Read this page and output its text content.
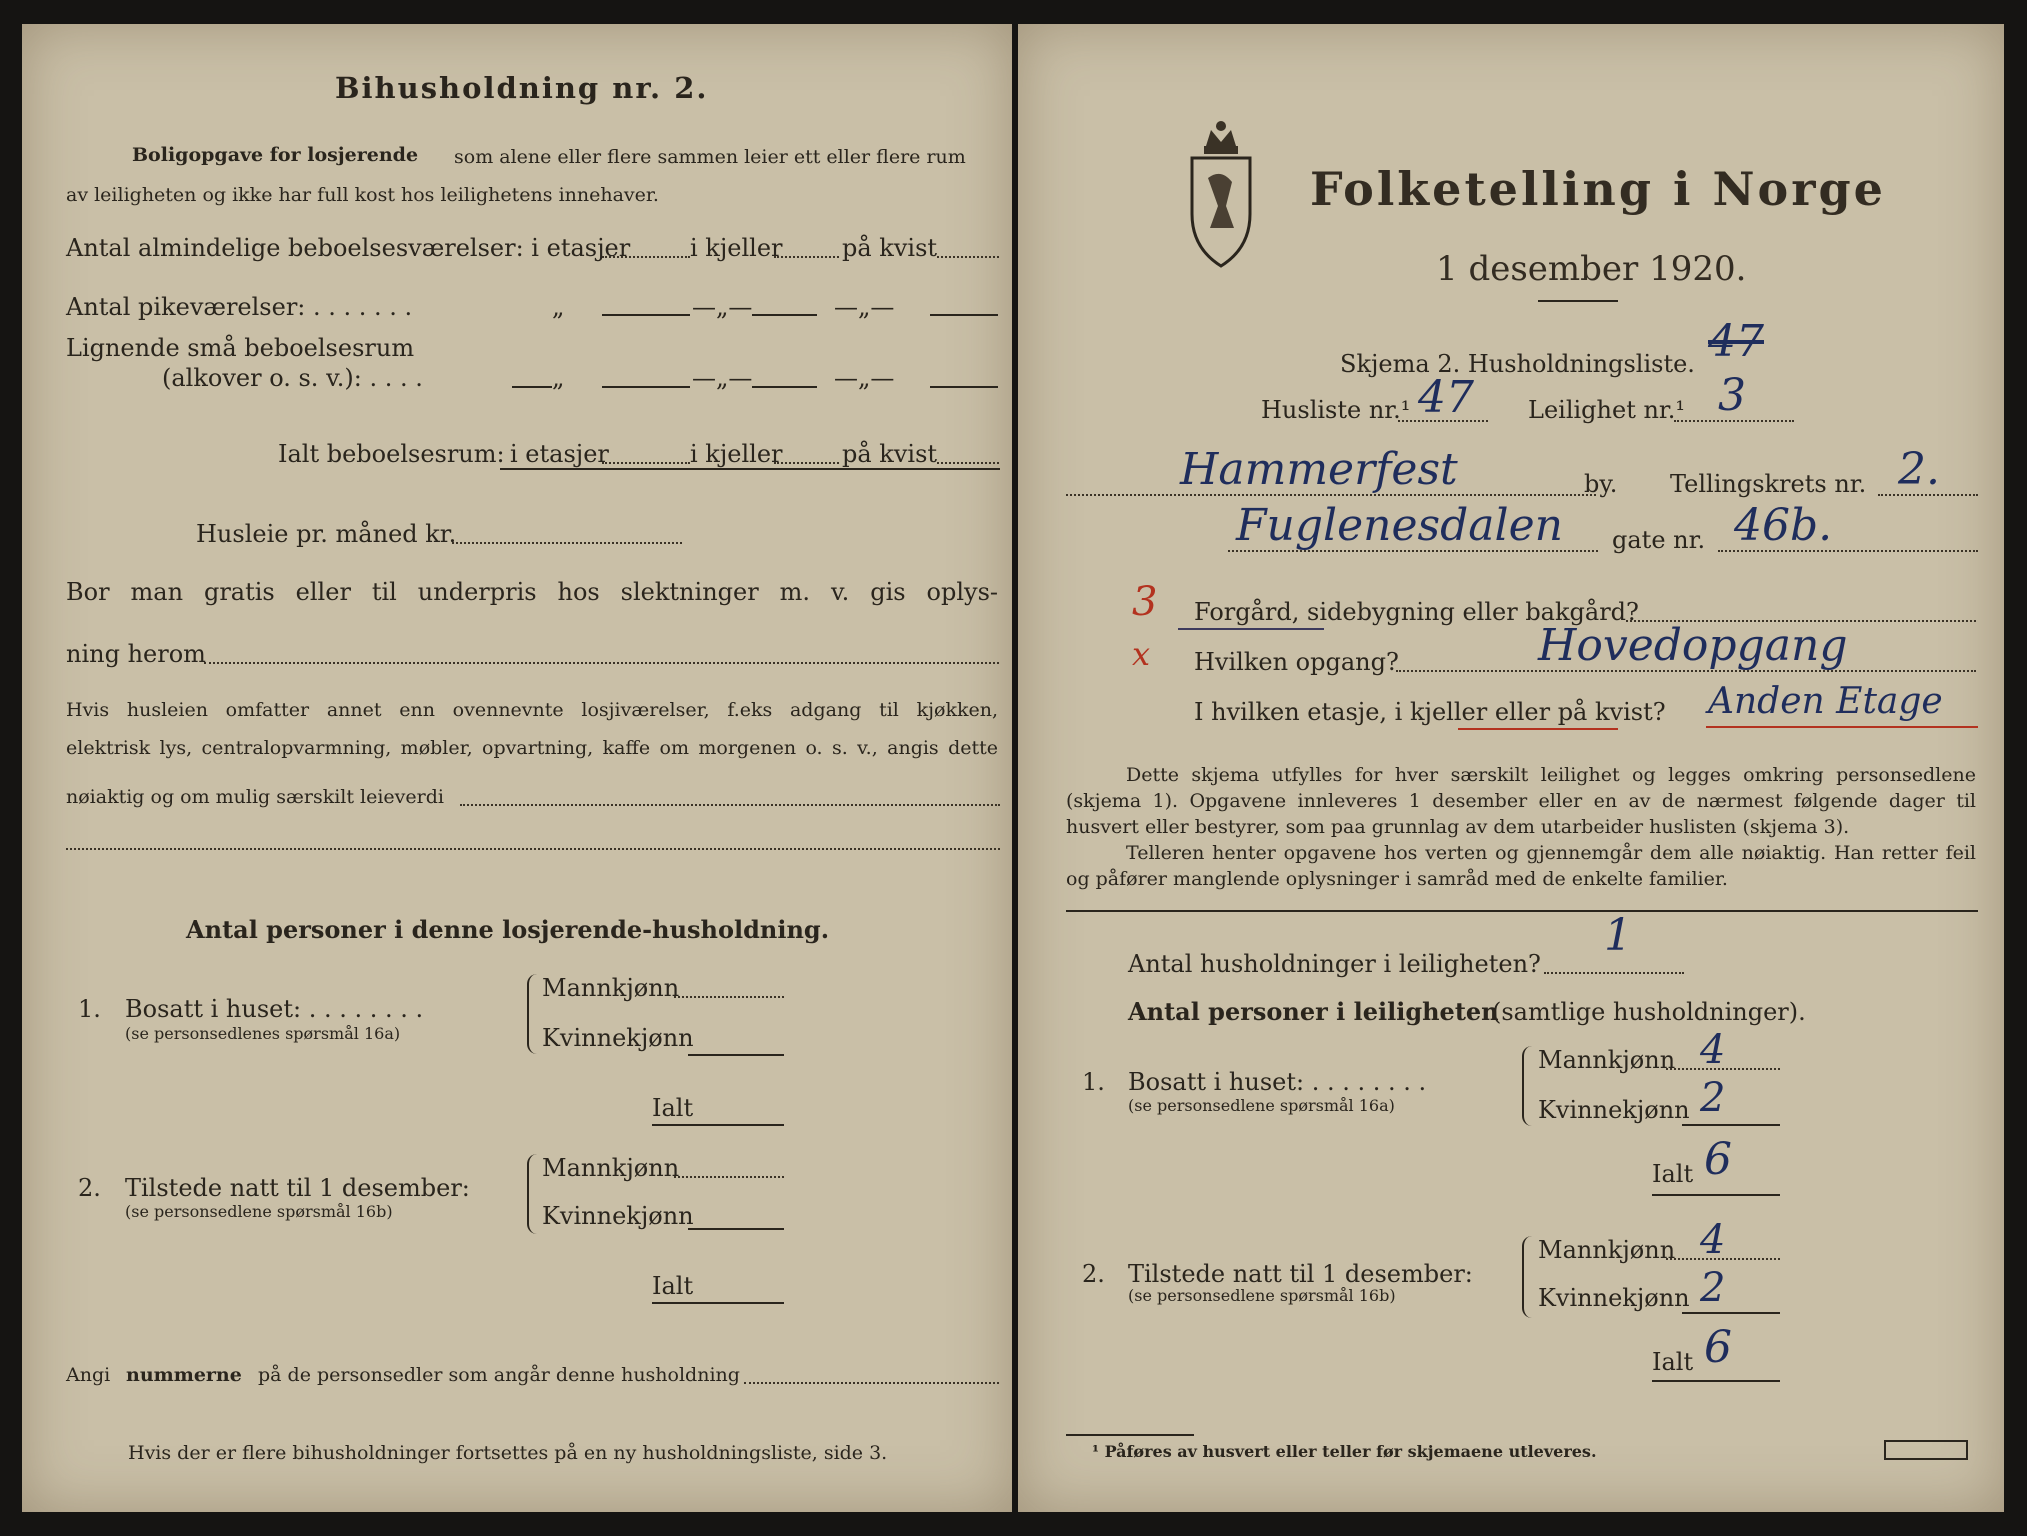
Bihusholdning nr. 2.
Boligopgave for losjerende som alene eller flere sammen leier ett eller flere rum
av leiligheten og ikke har full kost hos leilighetens innehaver.
Antal almindelige beboelsesværelser: i etasjer i kjeller på kvist
Antal pikeværelser: . . . . . . .	„	—„—	—„—
Lignende små beboelsesrum
(alkover o. s. v.): . . . .	„	—„—	—„—
Ialt beboelsesrum: i etasjer	i kjeller på kvist
Husleie pr. måned kr.
Bor man gratis eller til underpris hos slektninger m. v. gis oplys-
ning herom
Hvis husleien omfatter annet enn ovennevnte losjiværelser, f.eks adgang til kjøkken,
elektrisk lys, centralopvarmning, møbler, opvartning, kaffe om morgenen o. s. v., angis dette
nøiaktig og om mulig særskilt leieverdi
Antal personer i denne losjerende-husholdning.
1. Bosatt i huset: . . . . . . . .
(se personsedlenes spørsmål 16a)
Mannkjønn
Kvinnekjønn
Ialt
2. Tilstede natt til 1 desember:
(se personsedlene spørsmål 16b)
Mannkjønn
Kvinnekjønn
Ialt
Angi nummerne på de personsedler som angår denne husholdning
Hvis der er flere bihusholdninger fortsettes på en ny husholdningsliste, side 3.
Folketelling i Norge
1 desember 1920.
Skjema 2. Husholdningsliste. 47
Husliste nr.¹ 47 Leilighet nr.¹ 3
Hammerfest	by. Tellingskrets nr. 2.
Fuglenesdalen gate nr. 46b.
3 Forgård, sidebygning eller bakgård?
x Hvilken opgang?	Hovedopgang
I hvilken etasje, i kjeller eller på kvist? Anden Etage
Dette skjema utfylles for hver særskilt leilighet og legges omkring personsedlene (skjema 1). Opgavene innleveres 1 desember eller en av de nærmest følgende dager til husvert eller bestyrer, som paa grunnlag av dem utarbeider huslisten (skjema 3).
Telleren henter opgavene hos verten og gjennemgår dem alle nøiaktig. Han retter feil og påfører manglende oplysninger i samråd med de enkelte familier.
Antal husholdninger i leiligheten?
1
Antal personer i leiligheten
(samtlige husholdninger).
1. Bosatt i huset: . . . . . . . .
(se personsedlene spørsmål 16a)
Mannkjønn 4
Kvinnekjønn 2
Ialt 6
2. Tilstede natt til 1 desember:
(se personsedlene spørsmål 16b)
Mannkjønn 4
Kvinnekjønn 2
Ialt 6
¹ Påføres av husvert eller teller før skjemaene utleveres.
